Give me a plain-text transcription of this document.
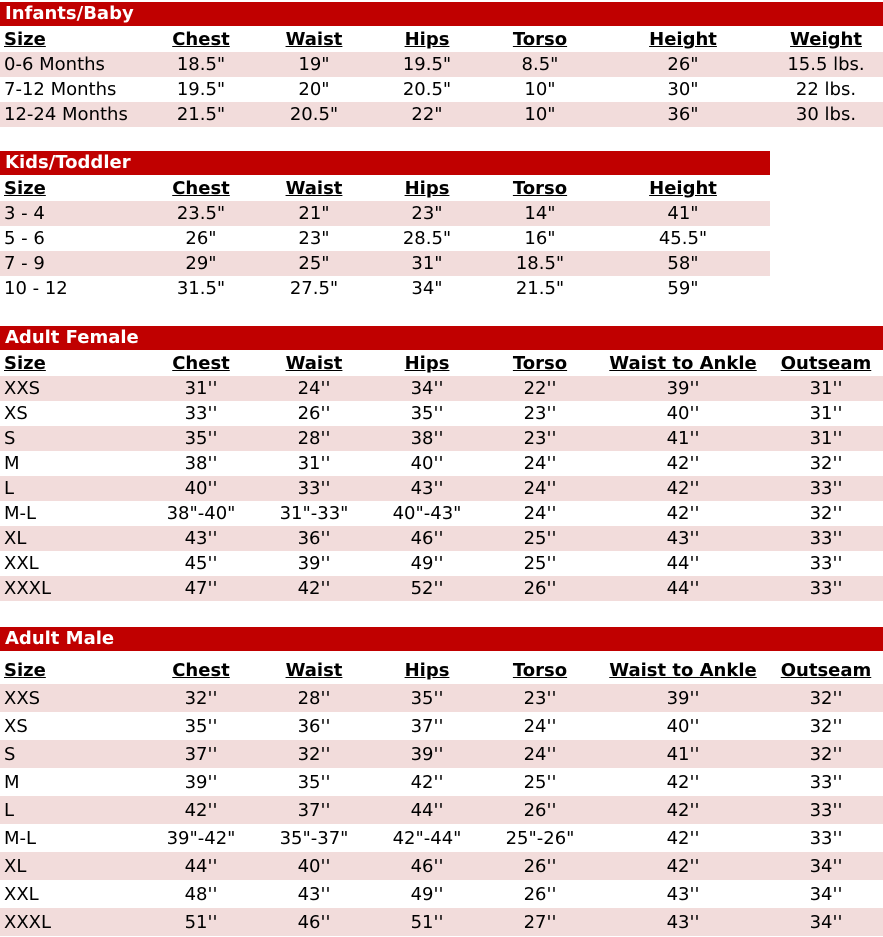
Infants/Baby
Size	Chest	Waist	Hips	Torso	Height	Weight
0-6 Months	18.5"	19"	19.5"	8.5"	26"	15.5 lbs.
7-12 Months	19.5"	20"	20.5"	10"	30"	22 lbs.
12-24 Months	21.5"	20.5"	22"	10"	36"	30 lbs.
Kids/Toddler
Size	Chest	Waist	Hips	Torso	Height
3 - 4	23.5"	21"	23"	14"	41"
5 - 6	26"	23"	28.5"	16"	45.5"
7 - 9	29"	25"	31"	18.5"	58"
10 - 12	31.5"	27.5"	34"	21.5"	59"
Adult Female
Size	Chest	Waist	Hips	Torso	Waist to Ankle	Outseam
XXS	31''	24''	34''	22''	39''	31''
XS	33''	26''	35''	23''	40''	31''
S	35''	28''	38''	23''	41''	31''
M	38''	31''	40''	24''	42''	32''
L	40''	33''	43''	24''	42''	33''
M-L	38"-40"	31"-33"	40"-43"	24''	42''	32''
XL	43''	36''	46''	25''	43''	33''
XXL	45''	39''	49''	25''	44''	33''
XXXL	47''	42''	52''	26''	44''	33''
Adult Male
Size	Chest	Waist	Hips	Torso	Waist to Ankle	Outseam
XXS	32''	28''	35''	23''	39''	32''
XS	35''	36''	37''	24''	40''	32''
S	37''	32''	39''	24''	41''	32''
M	39''	35''	42''	25''	42''	33''
L	42''	37''	44''	26''	42''	33''
M-L	39"-42"	35"-37"	42"-44"	25"-26"	42''	33''
XL	44''	40''	46''	26''	42''	34''
XXL	48''	43''	49''	26''	43''	34''
XXXL	51''	46''	51''	27''	43''	34''
